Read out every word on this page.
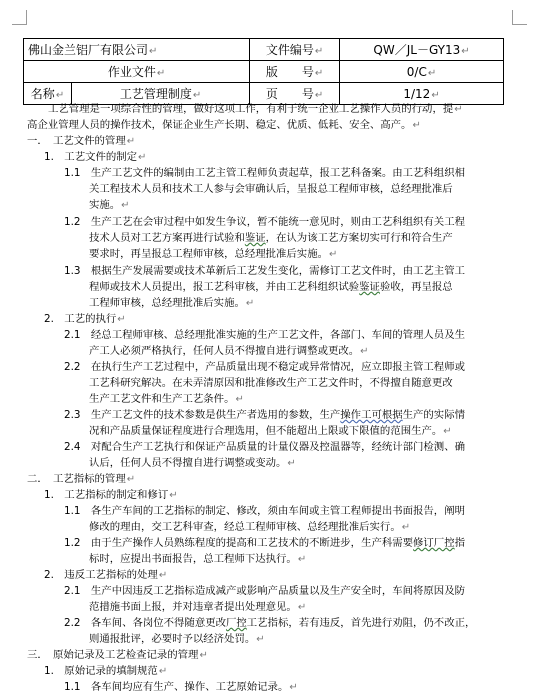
佛山金兰铝厂有限公司↵		文件编号↵	QW／JL－GY13↵
作业文件↵		版　　号↵	0/C↵
名称↵	工艺管理制度↵	页　　号↵	1/12↵
工艺管理是一项综合性的管理，做好这项工作，有利于统一企业工艺操作人员的行动，提↵
高企业管理人员的操作技术，保证企业生产长期、稳定、优质、低耗、安全、高产。↵
一．　工艺文件的管理↵
1.　工艺文件的制定↵
1.1　生产工艺文件的编制由工艺主管工程师负责起草，报工艺科备案。由工艺科组织相
关工程技术人员和技术工人参与会审确认后，呈报总工程师审核，总经理批准后
实施。↵
1.2　生产工艺在会审过程中如发生争议，暂不能统一意见时，则由工艺科组织有关工程
技术人员对工艺方案再进行试验和鉴证，在认为该工艺方案切实可行和符合生产
要求时，再呈报总工程师审核，总经理批准后实施。↵
1.3　根据生产发展需要或技术革新后工艺发生变化，需修订工艺文件时，由工艺主管工
程师或技术人员提出，报工艺科审核，并由工艺科组织试验鉴证验收，再呈报总
工程师审核，总经理批准后实施。↵
2.　工艺的执行↵
2.1　经总工程师审核、总经理批准实施的生产工艺文件，各部门、车间的管理人员及生
产工人必须严格执行，任何人员不得擅自进行调整或更改。↵
2.2　在执行生产工艺过程中，产品质量出现不稳定或异常情况，应立即报主管工程师或
工艺科研究解决。在未弄清原因和批准修改生产工艺文件时，不得擅自随意更改
生产工艺文件和生产工艺条件。↵
2.3　生产工艺文件的技术参数是供生产者选用的参数，生产操作工可根据生产的实际情
况和产品质量保证程度进行合理选用，但不能超出上限或下限值的范围生产。↵
2.4　对配合生产工艺执行和保证产品质量的计量仪器及控温器等，经统计部门检测、确
认后，任何人员不得擅自进行调整或变动。↵
二．　工艺指标的管理↵
1.　工艺指标的制定和修订↵
1.1　各生产车间的工艺指标的制定、修改，须由车间或主管工程师提出书面报告，阐明
修改的理由，交工艺科审查，经总工程师审核、总经理批准后实行。↵
1.2　由于生产操作人员熟练程度的提高和工艺技术的不断进步，生产科需要修订厂控指
标时，应提出书面报告，总工程师下达执行。↵
2.　违反工艺指标的处理↵
2.1　生产中因违反工艺指标造成减产或影响产品质量以及生产安全时，车间将原因及防
范措施书面上报，并对违章者提出处理意见。↵
2.2　各车间、各岗位不得随意更改厂控工艺指标，若有违反，首先进行劝阻，仍不改正，
则通报批评，必要时予以经济处罚。↵
三．　原始记录及工艺检查记录的管理↵
1.　原始记录的填制规范↵
1.1　各车间均应有生产、操作、工艺原始记录。↵
